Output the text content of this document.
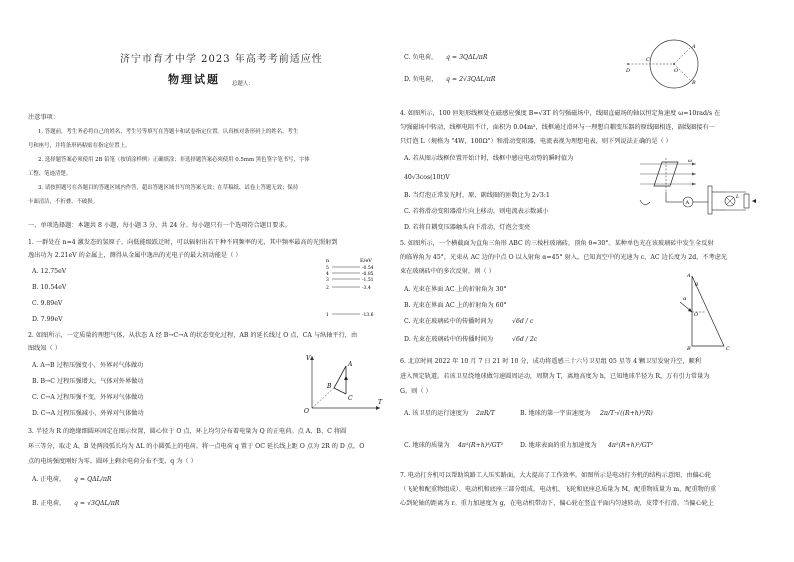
济宁市育才中学 2023 年高考考前适应性
物理试题 总题人：
注意事项：
1. 答题前，考生务必将自己的姓名、考生号等填写在答题卡和试卷指定位置。认真核对条形码上的姓名、考生
号和座号，并将条形码粘贴在指定位置上。
2. 选择题答案必须使用 2B 铅笔（按填涂样例）正确填涂；非选择题答案必须使用 0.5mm 黑色签字笔书写，字体
工整、笔迹清楚。
3. 请按照题号在各题目的答题区域内作答，超出答题区域书写的答案无效；在草稿纸、试卷上答题无效；保持
卡面清洁，不折叠、不破损。
一、单项选择题：本题共 8 小题，每小题 3 分，共 24 分。每小题只有一个选项符合题目要求。
1. 一群处在 n=4 激发态的氢原子，向低能级跃迁时，可以辐射出若干种不同频率的光，其中频率最高的光照射到
逸出功为 2.21eV 的金属上，测得从金属中逸出的光电子的最大初动能是（ ）
A. 12.75eV
B. 10.54eV
C. 9.89eV
D. 7.99eV
n	E/eV
5
4
3
2
1
-0.54
-0.85
-1.51
-3.4
-13.6
2. 如图所示，一定质量的理想气体，从状态 A 经 B→C→A 的状态变化过程，AB 的延长线过 O 点，CA 与纵轴平行，由
图线知（ ）
A. A→B 过程压强变小，外界对气体做功
B. B→C 过程压强增大，气体对外界做功
C. C→A 过程压强不变，外界对气体做功
D. C→A 过程压强减小，外界对气体做功
V
T
O
A
B
C
3. 半径为 R 的绝缘细圆环固定在图示位置，圆心位于 O 点，环上均匀分布着电量为 Q 的正电荷。点 A、B、C 将圆
环三等分，取走 A、B 处两段弧长均为 ΔL 的小圆弧上的电荷。将一点电荷 q 置于 OC 延长线上距 O 点为 2R 的 D 点，O
点的电场强度刚好为零。圆环上剩余电荷分布不变，q 为（ ）
A. 正电荷， q = QΔL/πR
B. 正电荷， q = √3QΔL/πR
C. 负电荷， q = 3QΔL/πR
D. 负电荷， q = 2√3QΔL/πR
D
C
O
A
B
4. 如图所示，100 匝矩形线框处在磁感应强度 B=√3T 的匀强磁场中，线圈直磁场的轴以恒定角速度 ω=10rad/s 在
匀强磁场中转动，线框电阻不计，面积为 0.04m²，线框通过滑环与一理想自耦变压器的原线圈相连，副线圈接有一
只灯泡 L（规格为 "4W，100Ω"）和滑动变阻器，电流表视为理想电表，则下列说法正确的是（ ）
A. 若从图示线框位置开始计时，线框中感应电动势的瞬时值为
40√3cos(10t)V
B. 当灯泡正常发光时，原、副线圈的匝数比为 2√3:1
C. 若将滑动变阻器滑片向上移动，则电流表示数减小
D. 若将自耦变压器触头向下滑动，灯泡会变亮
ω
A
L
5. 如图所示，一个横截面为直角三角形 ABC 的三棱柱玻璃砖，顶角 θ=30°。某种单色光在该玻璃砖中发生全反射
的临界角为 45°，光束从 AC 边的中点 O 以入射角 α=45° 射入。已知真空中的光速为 c，AC 边长度为 2d，不考虑光
束在玻璃砖中的多次反射，则（ ）
A. 光束在界面 AC 上的折射角为 30°
B. 光束在界面 AC 上的折射角为 60°
C. 光束在玻璃砖中的传播时间为	√6d / c
D. 光束在玻璃砖中的传播时间为	√6d / 2c
A
B	C
O
α
θ
6. 北京时间 2022 年 10 月 7 日 21 时 10 分，成功将遥感三十六号卫星组 05 星等 4 颗卫星发射升空，顺利
进入预定轨道。若该卫星绕地球做匀速圆周运动，周期为 T，离地高度为 h，已知地球半径为 R，万有引力常量为
G，则（ ）
A. 该卫星的运行速度为 2πR/T	B. 地球的第一宇宙速度为 2π/T·√((R+h)³/R)
C. 地球的质量为 4π²(R+h)³/GT²	D. 地球表面的重力加速度为 4π²(R+h)²/GT²
7. 电动打夯机可以帮助筑路工人压实路面，大大提高了工作效率。如图所示是电动打夯机的结构示意图，由偏心轮
（飞轮和配重物组成）、电动机和底座三部分组成。电动机、飞轮和底座总质量为 M，配重物质量为 m，配重物的重
心到轮轴的距离为 r。重力加速度为 g，在电动机带动下，偏心轮在竖直平面内匀速转动，皮带不打滑。当偏心轮上
